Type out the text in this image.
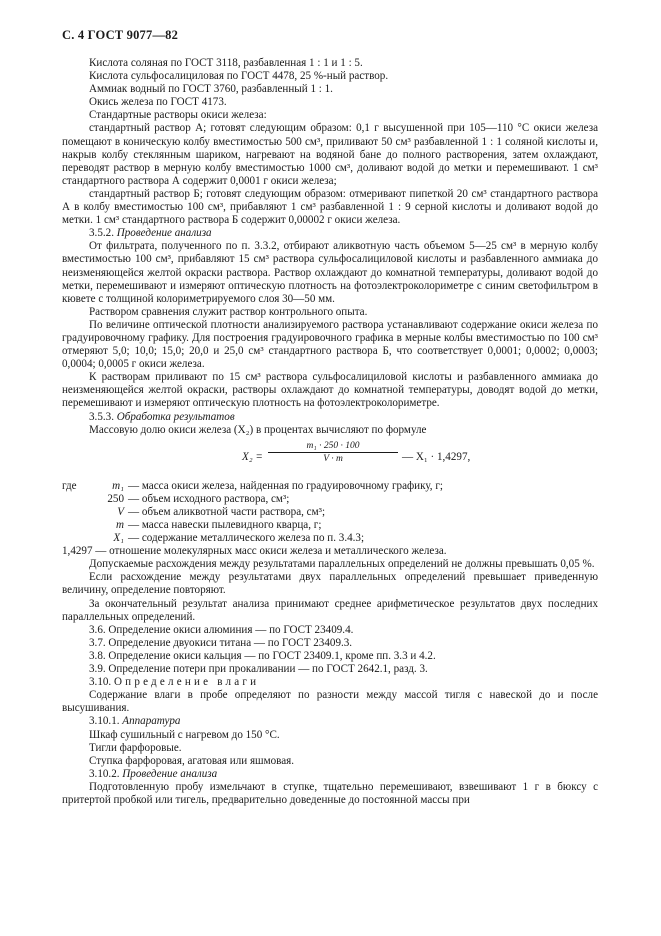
С. 4 ГОСТ 9077—82

Кислота соляная по ГОСТ 3118, разбавленная 1 : 1 и 1 : 5.

Кислота сульфосалициловая по ГОСТ 4478, 25 %-ный раствор.

Аммиак водный по ГОСТ 3760, разбавленный 1 : 1.

Окись железа по ГОСТ 4173.

Стандартные растворы окиси железа:

стандартный раствор А; готовят следующим образом: 0,1 г высушенной при 105—110 °С окиси железа помещают в коническую колбу вместимостью 500 см³, приливают 50 см³ разбавленной 1 : 1 соляной кислоты и, накрыв колбу стеклянным шариком, нагревают на водяной бане до полного растворения, затем охлаждают, переводят раствор в мерную колбу вместимостью 1000 см³, доливают водой до метки и перемешивают. 1 см³ стандартного раствора А содержит 0,0001 г окиси железа;

стандартный раствор Б; готовят следующим образом: отмеривают пипеткой 20 см³ стандартного раствора А в колбу вместимостью 100 см³, прибавляют 1 см³ разбавленной 1 : 9 серной кислоты и доливают водой до метки. 1 см³ стандартного раствора Б содержит 0,00002 г окиси железа.

3.5.2. Проведение анализа

От фильтрата, полученного по п. 3.3.2, отбирают аликвотную часть объемом 5—25 см³ в мерную колбу вместимостью 100 см³, прибавляют 15 см³ раствора сульфосалициловой кислоты и разбавленного аммиака до неизменяющейся желтой окраски раствора. Раствор охлаждают до комнатной температуры, доливают водой до метки, перемешивают и измеряют оптическую плотность на фотоэлектроколориметре с синим светофильтром в кювете с толщиной колориметрируемого слоя 30—50 мм.

Раствором сравнения служит раствор контрольного опыта.

По величине оптической плотности анализируемого раствора устанавливают содержание окиси железа по градуировочному графику. Для построения градуировочного графика в мерные колбы вместимостью по 100 см³ отмеряют 5,0; 10,0; 15,0; 20,0 и 25,0 см³ стандартного раствора Б, что соответствует 0,0001; 0,0002; 0,0003; 0,0004; 0,0005 г окиси железа.

К растворам приливают по 15 см³ раствора сульфосалициловой кислоты и разбавленного аммиака до неизменяющейся желтой окраски, растворы охлаждают до комнатной температуры, доводят водой до метки, перемешивают и измеряют оптическую плотность на фотоэлектроколориметре.

3.5.3. Обработка результатов

Массовую долю окиси железа (X₂) в процентах вычисляют по формуле

$X_2 = \frac{\text{m₁ · 250 · 100}}{V \cdot m}$ — X₁ · 1,4297,
где	m₁ — масса окиси железа, найденная по градуировочному графику, г;
250 — объем исходного раствора, см³;
V — объем аликвотной части раствора, см³;
m — масса навески пылевидного кварца, г;
X₁ — содержание металлического железа по п. 3.4.3;

1,4297 — отношение молекулярных масс окиси железа и металлического железа.

Допускаемые расхождения между результатами параллельных определений не должны превышать 0,05 %.

Если расхождение между результатами двух параллельных определений превышает приведенную величину, определение повторяют.

За окончательный результат анализа принимают среднее арифметическое результатов двух последних параллельных определений.

3.6. Определение окиси алюминия — по ГОСТ 23409.4.

3.7. Определение двуокиси титана — по ГОСТ 23409.3.

3.8. Определение окиси кальция — по ГОСТ 23409.1, кроме пп. 3.3 и 4.2.

3.9. Определение потери при прокаливании — по ГОСТ 2642.1, разд. 3.

3.10. Определение влаги

Содержание влаги в пробе определяют по разности между массой тигля с навеской до и после высушивания.

3.10.1. Аппаратура

Шкаф сушильный с нагревом до 150 °С.

Тигли фарфоровые.

Ступка фарфоровая, агатовая или яшмовая.

3.10.2. Проведение анализа

Подготовленную пробу измельчают в ступке, тщательно перемешивают, взвешивают 1 г в бюксу с притертой пробкой или тигель, предварительно доведенные до постоянной массы при
